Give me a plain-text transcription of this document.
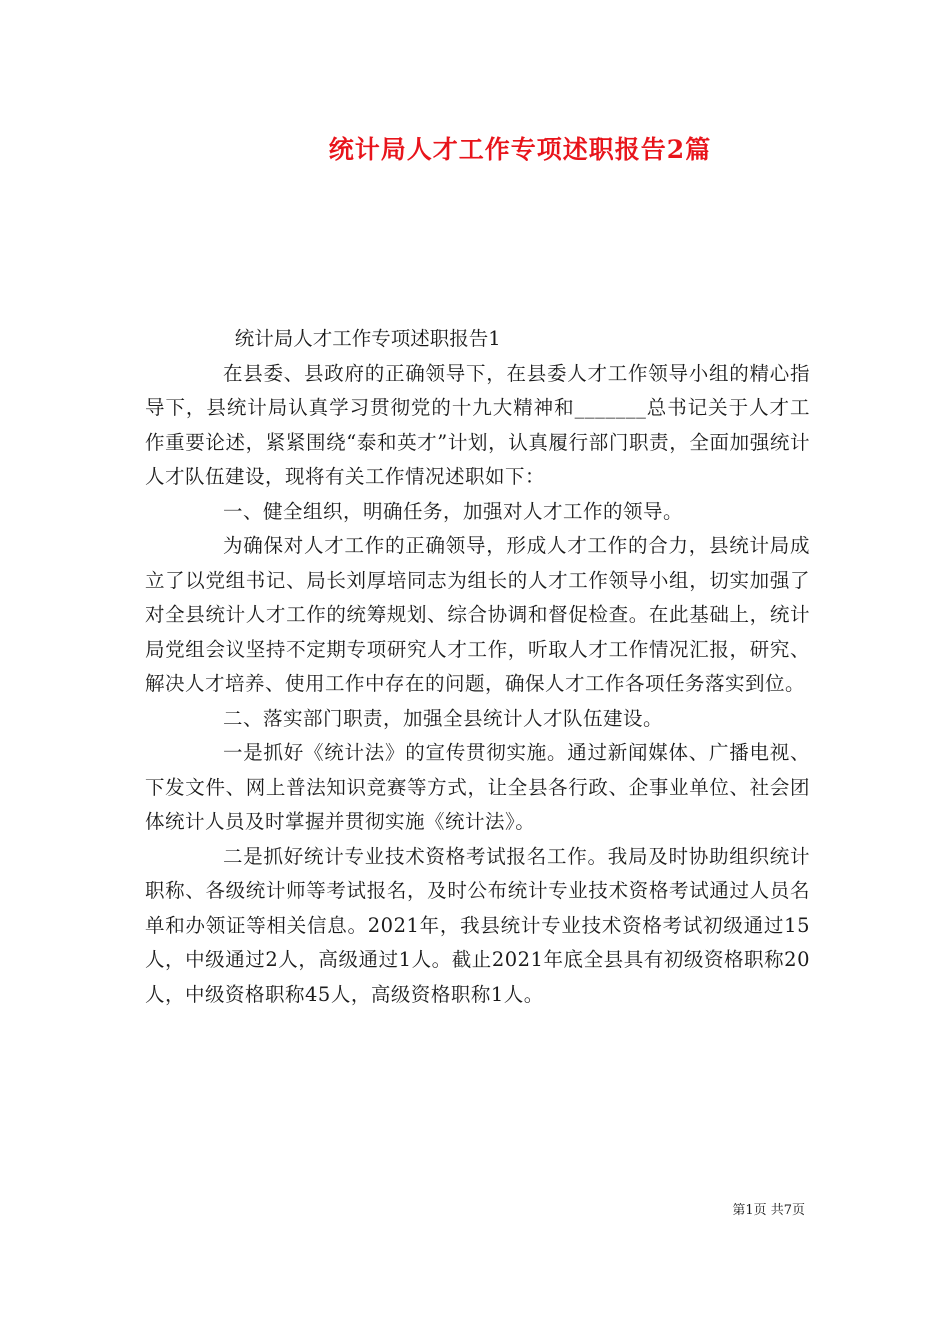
统计局人才工作专项述职报告2篇

统计局人才工作专项述职报告1

在县委、县政府的正确领导下，在县委人才工作领导小组的精心指导下，县统计局认真学习贯彻党的十九大精神和_______总书记关于人才工作重要论述，紧紧围绕“泰和英才”计划，认真履行部门职责，全面加强统计人才队伍建设，现将有关工作情况述职如下：

一、健全组织，明确任务，加强对人才工作的领导。

为确保对人才工作的正确领导，形成人才工作的合力，县统计局成立了以党组书记、局长刘厚培同志为组长的人才工作领导小组，切实加强了对全县统计人才工作的统筹规划、综合协调和督促检查。在此基础上，统计局党组会议坚持不定期专项研究人才工作，听取人才工作情况汇报，研究、解决人才培养、使用工作中存在的问题，确保人才工作各项任务落实到位。

二、落实部门职责，加强全县统计人才队伍建设。

一是抓好《统计法》的宣传贯彻实施。通过新闻媒体、广播电视、下发文件、网上普法知识竞赛等方式，让全县各行政、企事业单位、社会团体统计人员及时掌握并贯彻实施《统计法》。

二是抓好统计专业技术资格考试报名工作。我局及时协助组织统计职称、各级统计师等考试报名，及时公布统计专业技术资格考试通过人员名单和办领证等相关信息。2021年，我县统计专业技术资格考试初级通过15人，中级通过2人，高级通过1人。截止2021年底全县具有初级资格职称20人，中级资格职称45人，高级资格职称1人。

第1页 共7页
